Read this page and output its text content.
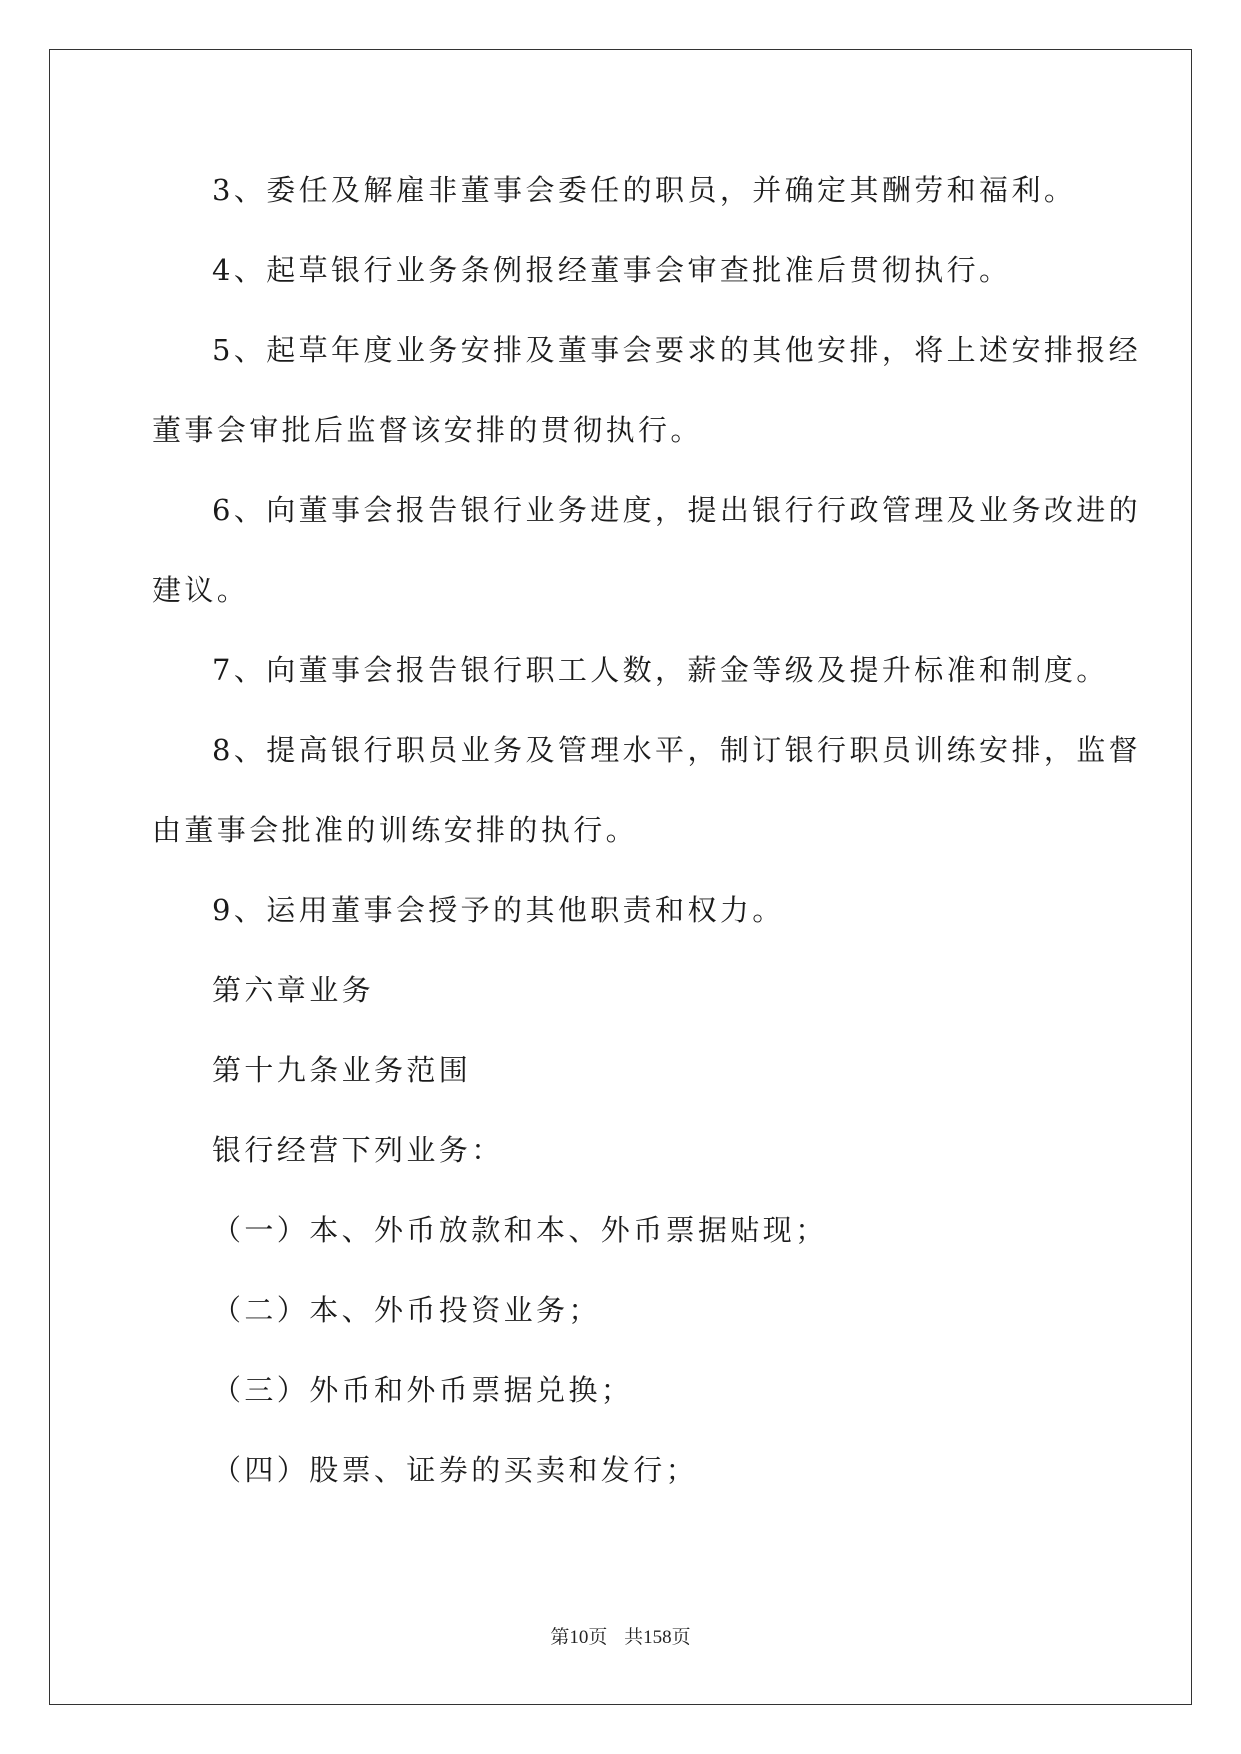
3、委任及解雇非董事会委任的职员，并确定其酬劳和福利。

4、起草银行业务条例报经董事会审查批准后贯彻执行。

5、起草年度业务安排及董事会要求的其他安排，将上述安排报经

董事会审批后监督该安排的贯彻执行。

6、向董事会报告银行业务进度，提出银行行政管理及业务改进的

建议。

7、向董事会报告银行职工人数，薪金等级及提升标准和制度。

8、提高银行职员业务及管理水平，制订银行职员训练安排，监督

由董事会批准的训练安排的执行。

9、运用董事会授予的其他职责和权力。

第六章业务

第十九条业务范围

银行经营下列业务：

（一）本、外币放款和本、外币票据贴现；

（二）本、外币投资业务；

（三）外币和外币票据兑换；

（四）股票、证券的买卖和发行；

第10页 共158页
